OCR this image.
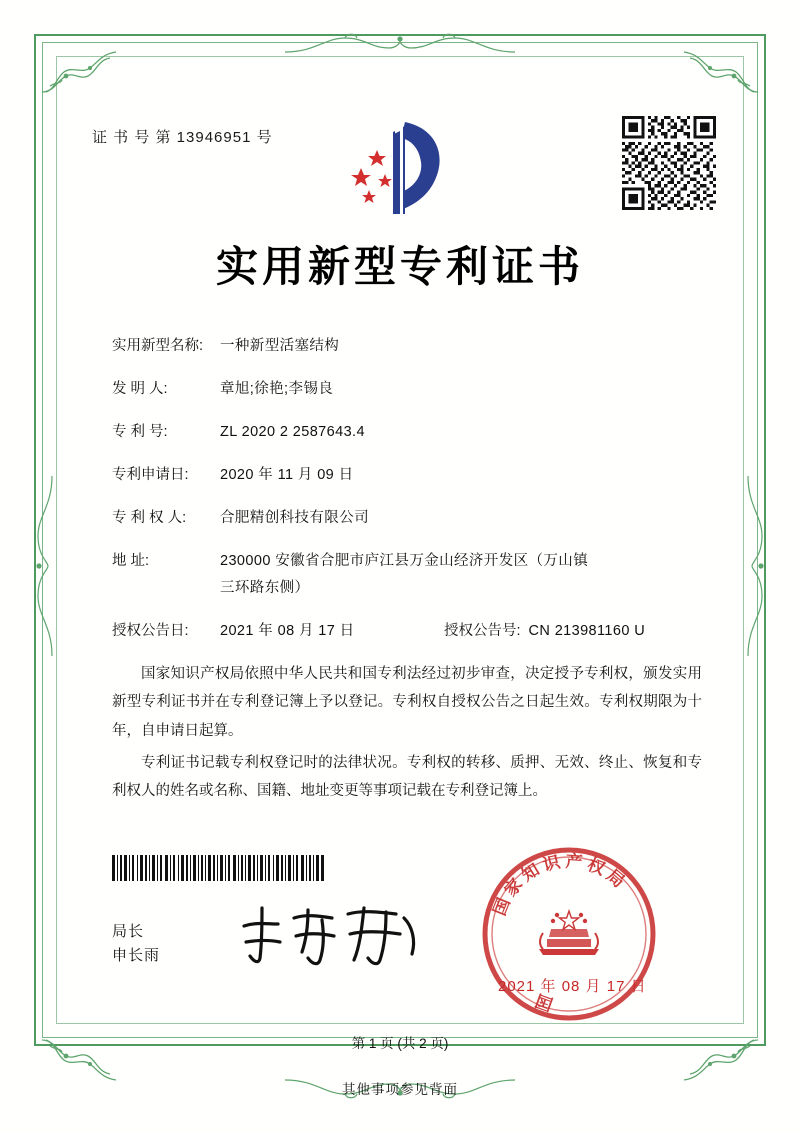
证 书 号 第 13946951 号
实用新型专利证书
实用新型名称:	一种新型活塞结构
发 明 人:	章旭;徐艳;李锡良
专 利 号:	ZL 2020 2 2587643.4
专利申请日:	2020 年 11 月 09 日
专 利 权 人:	合肥精创科技有限公司
地 址:	230000 安徽省合肥市庐江县万金山经济开发区（万山镇
三环路东侧）
授权公告日:	2021 年 08 月 17 日	授权公告号: CN 213981160 U

国家知识产权局依照中华人民共和国专利法经过初步审查，决定授予专利权，颁发实用新型专利证书并在专利登记簿上予以登记。专利权自授权公告之日起生效。专利权期限为十年，自申请日起算。

专利证书记载专利权登记时的法律状况。专利权的转移、质押、无效、终止、恢复和专利权人的姓名或名称、国籍、地址变更等事项记载在专利登记簿上。

局长
申长雨
国
家
知
识 产 权
局
国
2021 年 08 月 17 日
第 1 页 (共 2 页)
其他事项参见背面
